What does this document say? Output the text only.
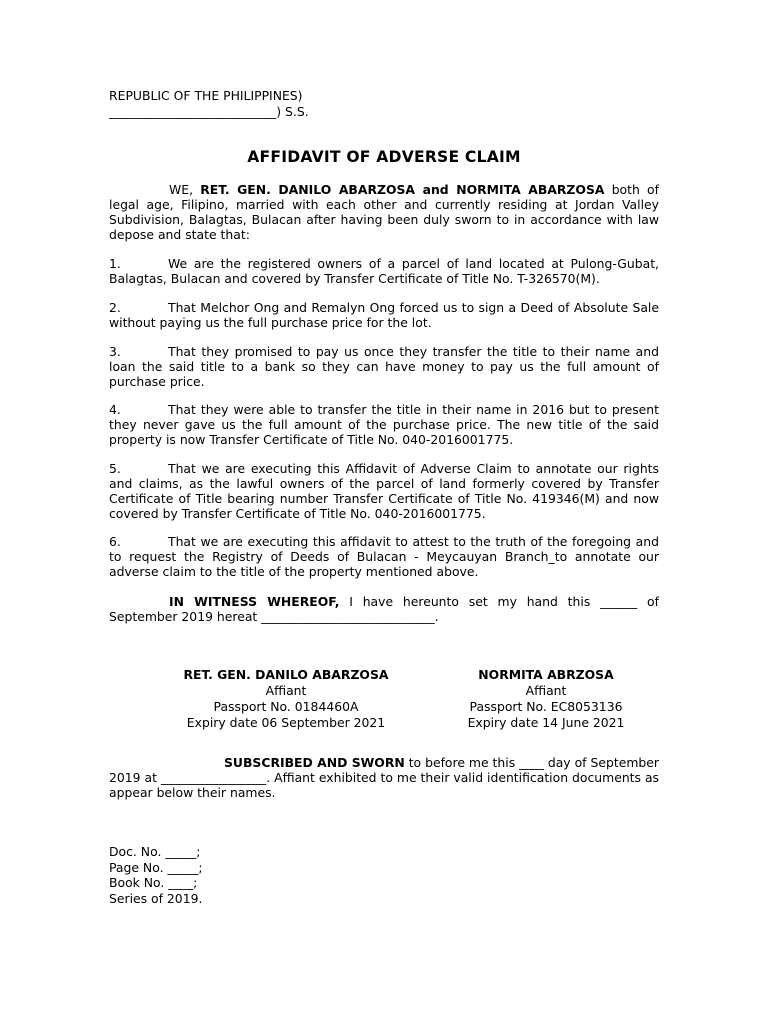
REPUBLIC OF THE PHILIPPINES)
___________________________) S.S.
AFFIDAVIT OF ADVERSE CLAIM

WE, RET. GEN. DANILO ABARZOSA and NORMITA ABARZOSA both of legal age, Filipino, married with each other and currently residing at Jordan Valley Subdivision, Balagtas, Bulacan after having been duly sworn to in accordance with law depose and state that:

1.	We are the registered owners of a parcel of land located at Pulong-Gubat, Balagtas, Bulacan and covered by Transfer Certificate of Title No. T-326570(M).

2.	That Melchor Ong and Remalyn Ong forced us to sign a Deed of Absolute Sale without paying us the full purchase price for the lot.

3.	That they promised to pay us once they transfer the title to their name and loan the said title to a bank so they can have money to pay us the full amount of purchase price.

4.	That they were able to transfer the title in their name in 2016 but to present they never gave us the full amount of the purchase price. The new title of the said property is now Transfer Certificate of Title No. 040-2016001775.

5.	That we are executing this Affidavit of Adverse Claim to annotate our rights and claims, as the lawful owners of the parcel of land formerly covered by Transfer Certificate of Title bearing number Transfer Certificate of Title No. 419346(M) and now covered by Transfer Certificate of Title No. 040-2016001775.

6.	That we are executing this affidavit to attest to the truth of the foregoing and to request the Registry of Deeds of Bulacan - Meycauyan Branch_to annotate our adverse claim to the title of the property mentioned above.

IN WITNESS WHEREOF, I have hereunto set my hand this ______ of September 2019 hereat ____________________________.

RET. GEN. DANILO ABARZOSA
Affiant
Passport No. 0184460A
Expiry date 06 September 2021
NORMITA ABRZOSA
Affiant
Passport No. EC8053136
Expiry date 14 June 2021

SUBSCRIBED AND SWORN to before me this ____ day of September 2019 at _________________. Affiant exhibited to me their valid identification documents as appear below their names.

Doc. No. _____;
Page No. _____;
Book No. ____;
Series of 2019.
